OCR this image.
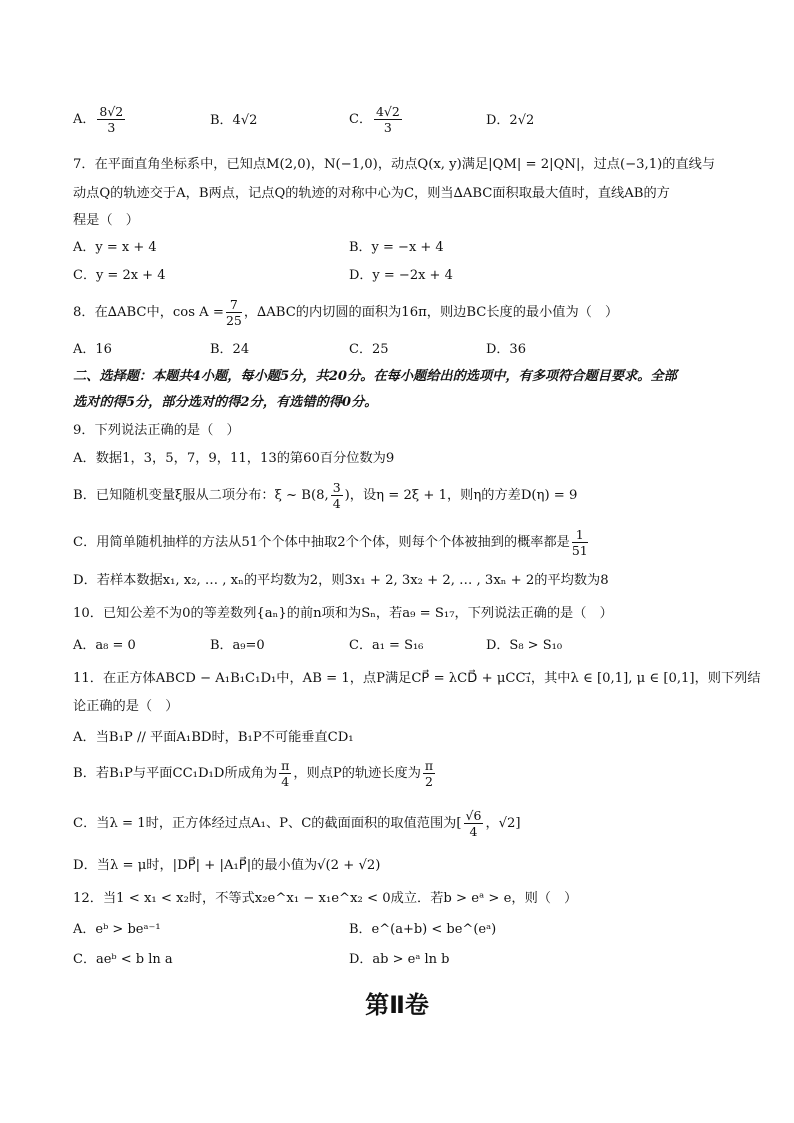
A． $\frac{8√2}{3}$	B．4√2	C． $\frac{4√2}{3}$	D．2√2
7．在平面直角坐标系中，已知点M(2,0)，N(−1,0)，动点Q(x, y)满足|QM| = 2|QN|，过点(−3,1)的直线与
动点Q的轨迹交于A，B两点，记点Q的轨迹的对称中心为C，则当∆ABC面积取最大值时，直线AB的方
程是（　）
A．y = x + 4	B．y = −x + 4
C．y = 2x + 4	D．y = −2x + 4
8．在∆ABC中，$\cos A = \frac{7}{25}$ ，∆ABC的内切圆的面积为16π，则边BC长度的最小值为（　）
A．16	B．24	C．25	D．36
二、选择题：本题共4小题，每小题5分，共20分。在每小题给出的选项中，有多项符合题目要求。全部
选对的得5分，部分选对的得2分，有选错的得0分。
9．下列说法正确的是（　）
A．数据1，3，5，7，9，11，13的第60百分位数为9
B．已知随机变量ξ服从二项分布：ξ ~ B(8, $\frac{3}{4}$ )，设η = 2ξ + 1，则η的方差D(η) = 9
C．用简单随机抽样的方法从51个个体中抽取2个个体，则每个个体被抽到的概率都是 $\frac{1}{51}$
D．若样本数据x₁, x₂, … , xₙ的平均数为2，则3x₁ + 2, 3x₂ + 2, … , 3xₙ + 2的平均数为8
10．已知公差不为0的等差数列{aₙ}的前n项和为Sₙ，若a₉ = S₁₇，下列说法正确的是（　）
A．a₈ = 0	B．a₉=0	C．a₁ = S₁₆	D．S₈ > S₁₀
11．在正方体ABCD − A₁B₁C₁D₁中，AB = 1，点P满足CP⃗ = λCD⃗ + μCC₁⃗，其中λ ∈ [0,1], μ ∈ [0,1]，则下列结
论正确的是（　）
A．当B₁P // 平面A₁BD时，B₁P不可能垂直CD₁
B．若B₁P与平面CC₁D₁D所成角为 $\frac{\pi}{4}$ ，则点P的轨迹长度为 $\frac{\pi}{2}$
C．当λ = 1时，正方体经过点A₁、P、C的截面面积的取值范围为[ $\frac{√6}{4}$ ，√2]
D．当λ = μ时，|DP⃗| + |A₁P⃗|的最小值为√(2 + √2)
12．当1 < x₁ < x₂时，不等式x₂e^x₁ − x₁e^x₂ < 0成立．若b > eᵃ > e，则（　）
A．eᵇ > beᵃ⁻¹	B．e^(a+b) < be^(eᵃ)
C．aeᵇ < b ln a	D．ab > eᵃ ln b
第Ⅱ卷
